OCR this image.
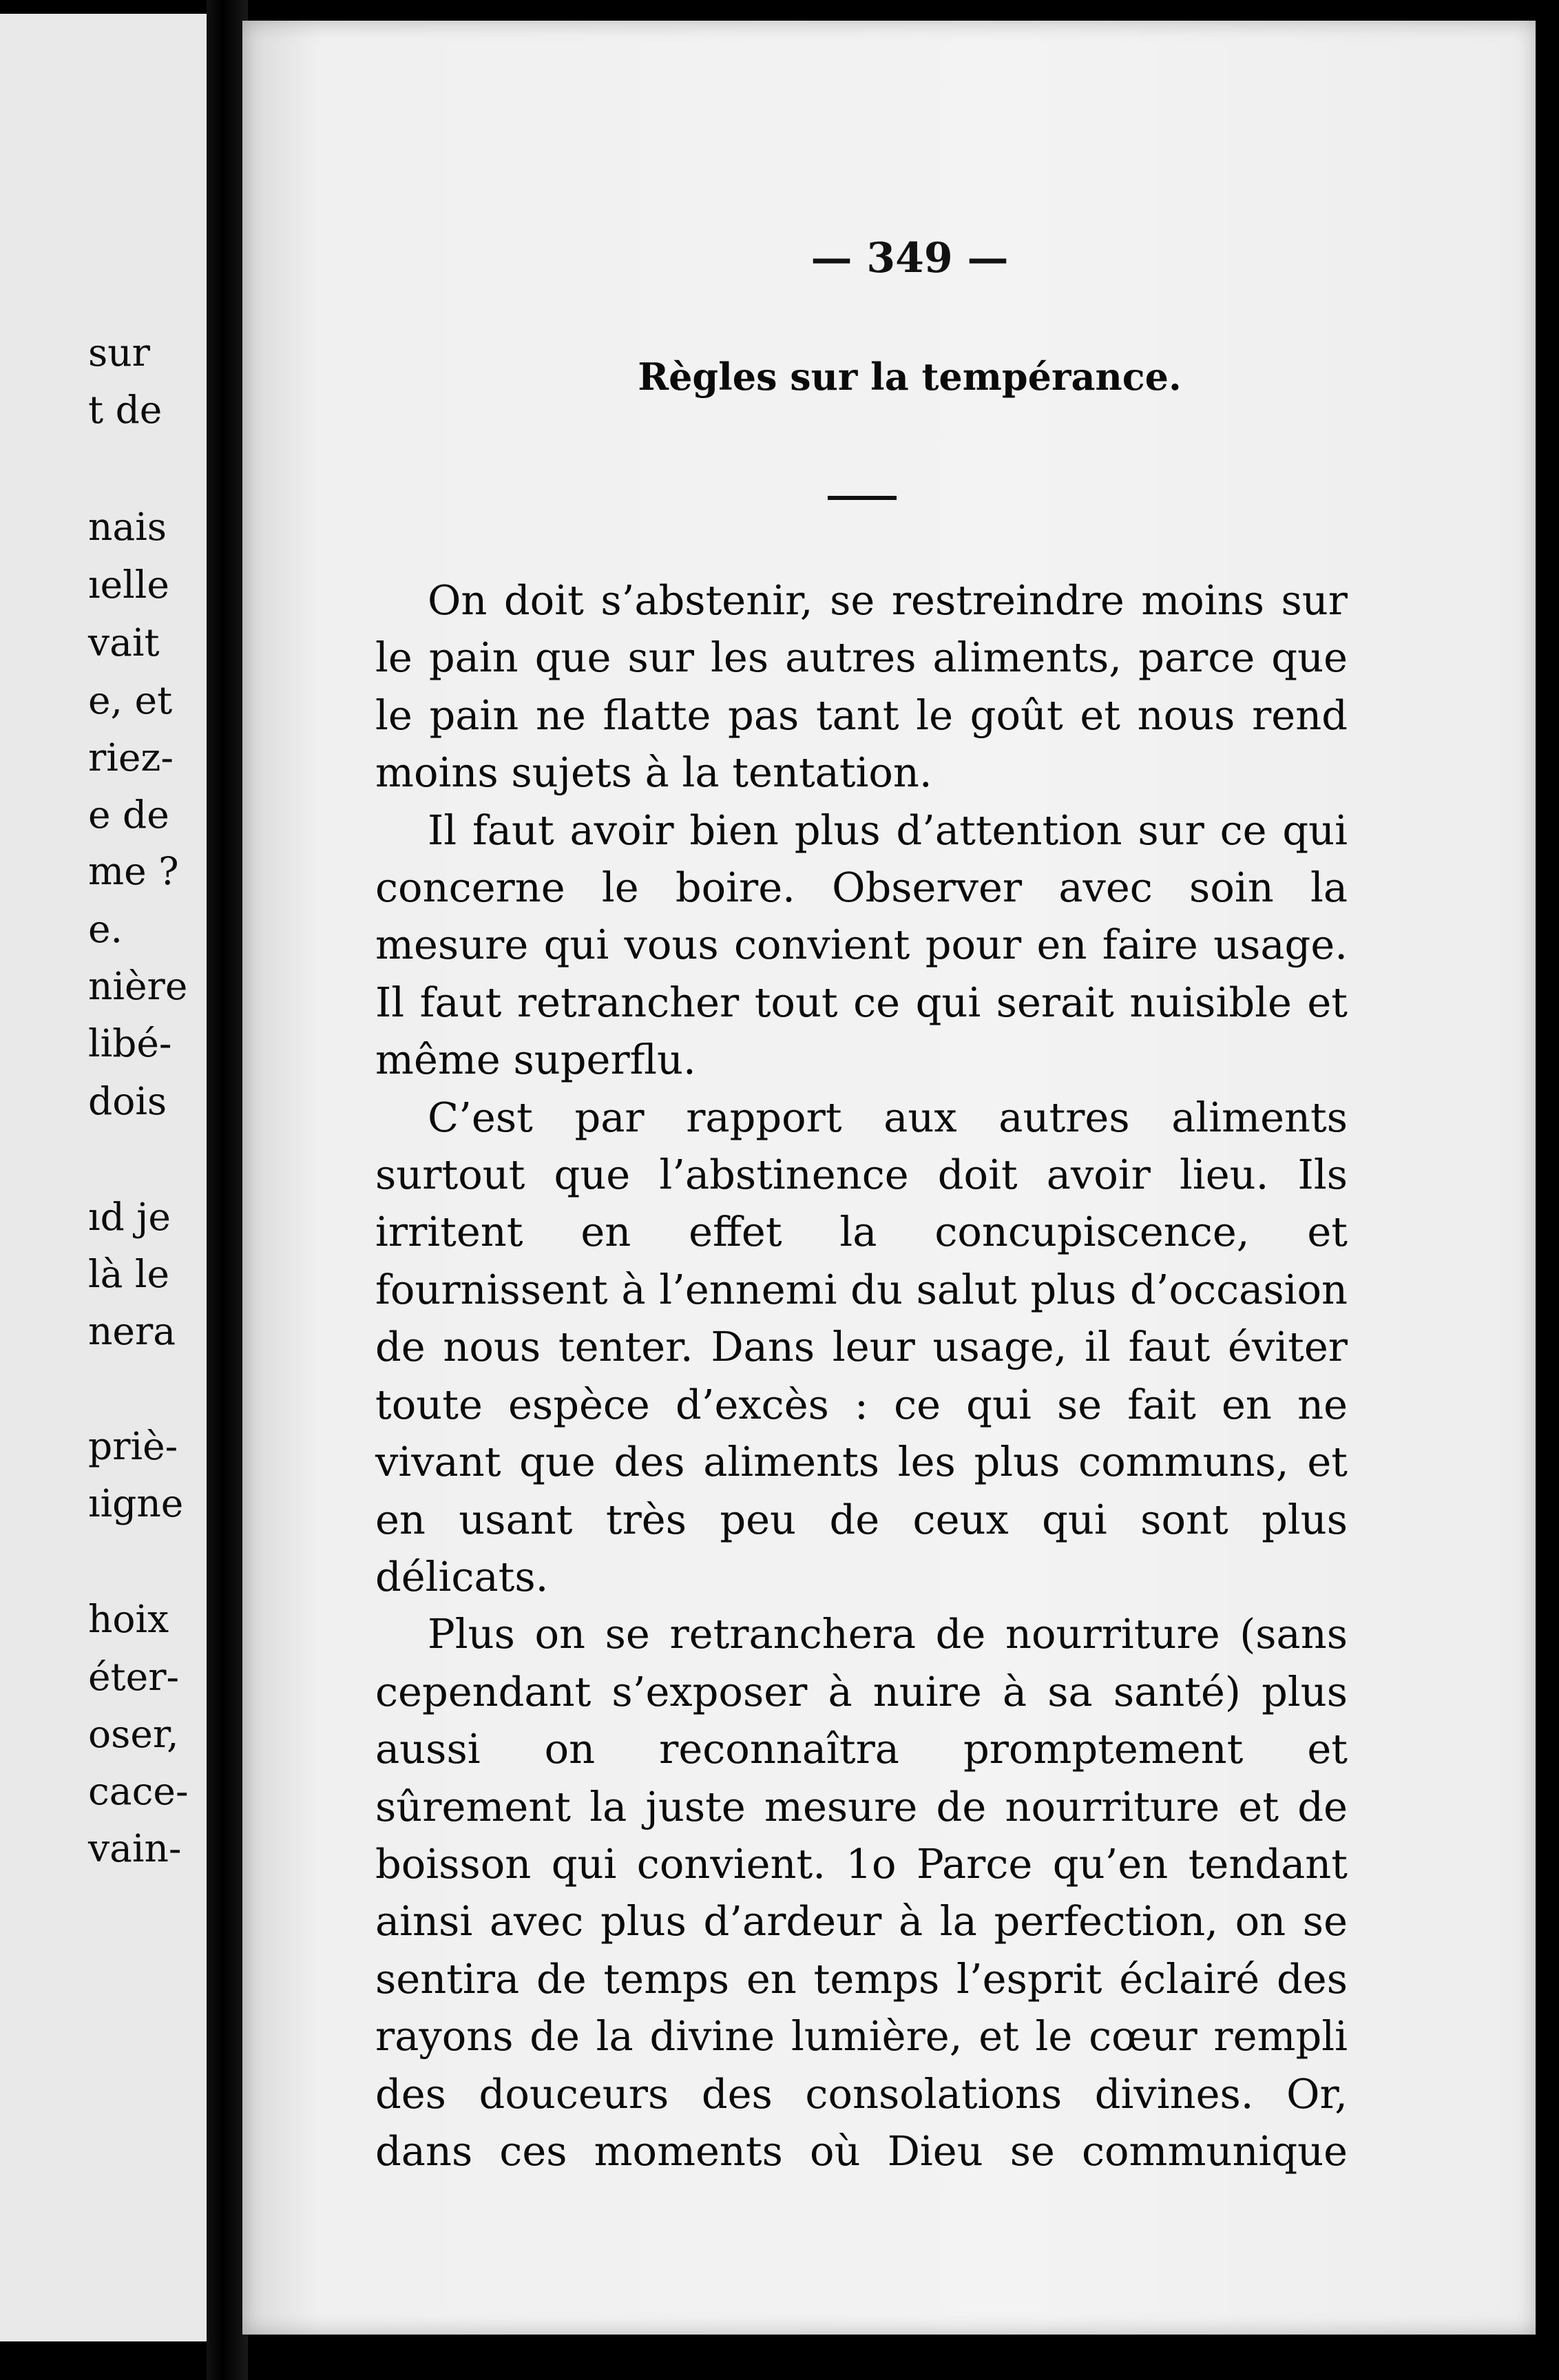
sur
t de
nais
ıelle
vait
e, et
riez-
e de
me ?
e.
nière
libé-
dois
ıd je
là le
nera
priè-
ıigne
hoix
éter-
oser,
cace-
vain-
— 349 —
Règles sur la tempérance.

On doit s’abstenir, se restreindre moins sur le pain que sur les autres aliments, parce que le pain ne flatte pas tant le goût et nous rend moins sujets à la tentation.

Il faut avoir bien plus d’attention sur ce qui concerne le boire. Observer avec soin la mesure qui vous convient pour en faire usage. Il faut retrancher tout ce qui serait nuisible et même superflu.

C’est par rapport aux autres aliments surtout que l’abstinence doit avoir lieu. Ils irritent en effet la concupiscence, et fournissent à l’ennemi du salut plus d’occasion de nous tenter. Dans leur usage, il faut éviter toute espèce d’excès : ce qui se fait en ne vivant que des aliments les plus communs, et en usant très peu de ceux qui sont plus délicats.

Plus on se retranchera de nourriture (sans cependant s’exposer à nuire à sa santé) plus aussi on reconnaîtra promptement et sûrement la juste mesure de nourriture et de boisson qui convient. 1o Parce qu’en tendant ainsi avec plus d’ardeur à la perfection, on se sentira de temps en temps l’esprit éclairé des rayons de la divine lumière, et le cœur rempli des douceurs des consolations divines. Or, dans ces moments où Dieu se communique
